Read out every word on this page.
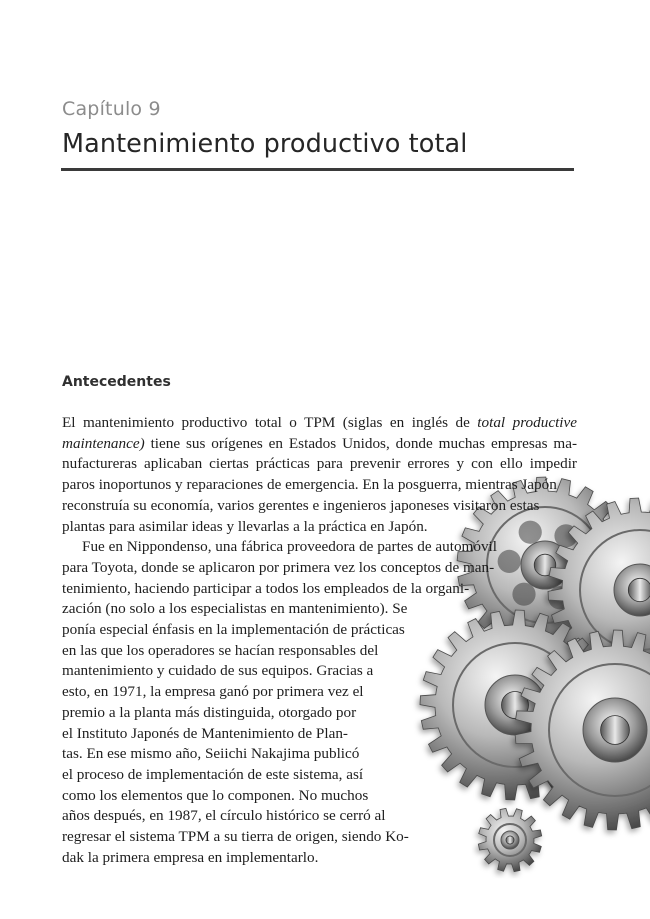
Capítulo 9
Mantenimiento productivo total
Antecedentes
El mantenimiento productivo total o TPM (siglas en inglés de total productive
maintenance) tiene sus orígenes en Estados Unidos, donde muchas empresas ma-
nufactureras aplicaban ciertas prácticas para prevenir errores y con ello impedir
paros inoportunos y reparaciones de emergencia. En la posguerra, mientras Japón
reconstruía su economía, varios gerentes e ingenieros japoneses visitaron estas
plantas para asimilar ideas y llevarlas a la práctica en Japón.
Fue en Nippondenso, una fábrica proveedora de partes de automóvil
para Toyota, donde se aplicaron por primera vez los conceptos de man-
tenimiento, haciendo participar a todos los empleados de la organi-
zación (no solo a los especialistas en mantenimiento). Se
ponía especial énfasis en la implementación de prácticas
en las que los operadores se hacían responsables del
mantenimiento y cuidado de sus equipos. Gracias a
esto, en 1971, la empresa ganó por primera vez el
premio a la planta más distinguida, otorgado por
el Instituto Japonés de Mantenimiento de Plan-
tas. En ese mismo año, Seiichi Nakajima publicó
el proceso de implementación de este sistema, así
como los elementos que lo componen. No muchos
años después, en 1987, el círculo histórico se cerró al
regresar el sistema TPM a su tierra de origen, siendo Ko-
dak la primera empresa en implementarlo.
